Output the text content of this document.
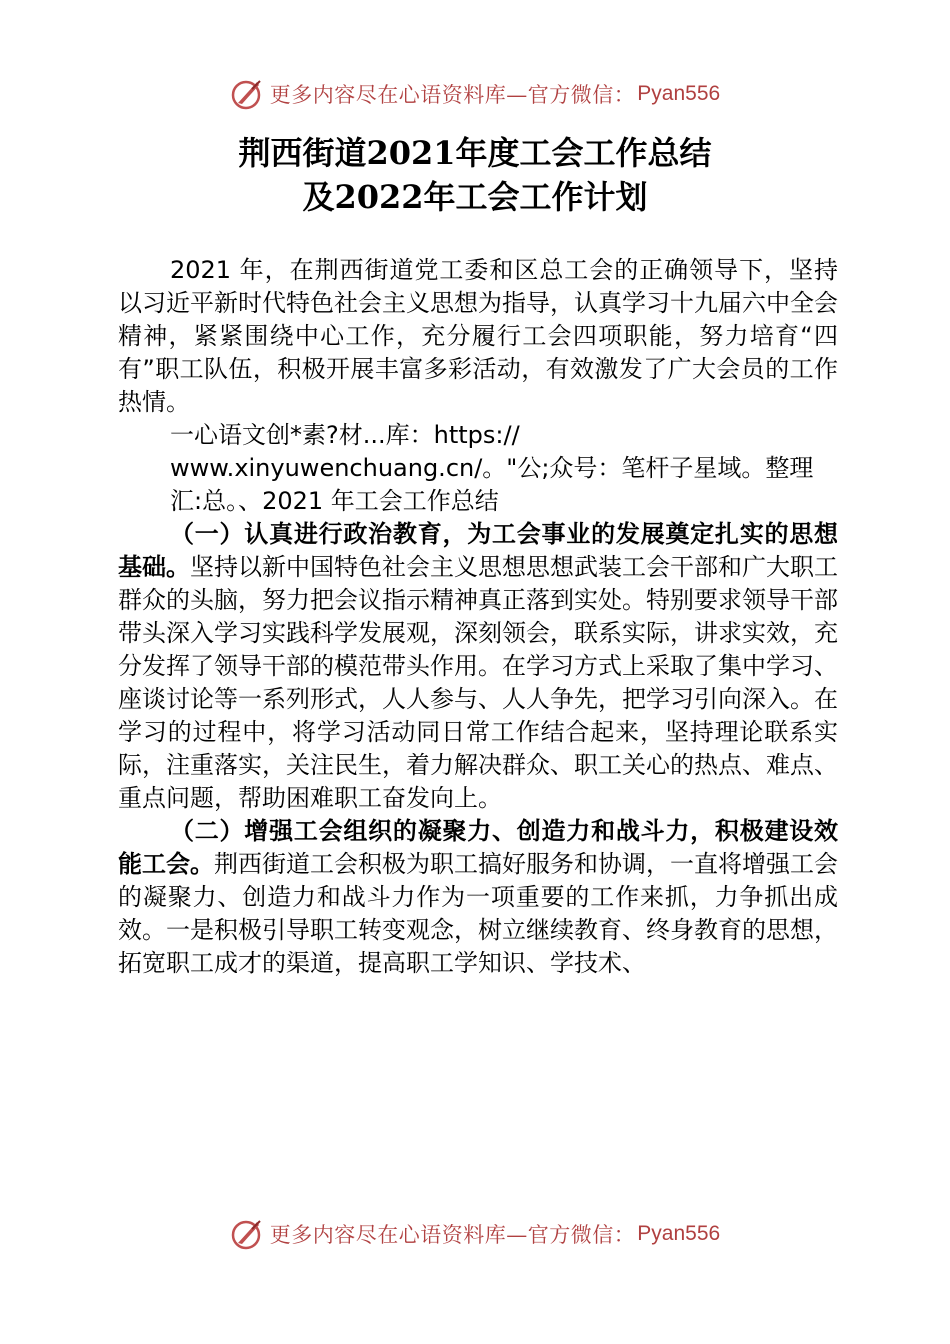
更多内容尽在心语资料库—官方微信： Pyan556
荆西街道2021年度工会工作总结
及2022年工会工作计划

2021 年，在荆西街道党工委和区总工会的正确领导下，坚持以习近平新时代特色社会主义思想为指导，认真学习十九届六中全会精神，紧紧围绕中心工作，充分履行工会四项职能，努力培育“四有”职工队伍，积极开展丰富多彩活动，有效激发了广大会员的工作热情。

一心语文创*素?材...库：https://

www.xinyuwenchuang.cn/。"公;众号：笔杆子星域。整理

汇:总。、2021 年工会工作总结

（一）认真进行政治教育，为工会事业的发展奠定扎实的思想基础。坚持以新中国特色社会主义思想思想武装工会干部和广大职工群众的头脑，努力把会议指示精神真正落到实处。特别要求领导干部带头深入学习实践科学发展观，深刻领会，联系实际，讲求实效，充分发挥了领导干部的模范带头作用。在学习方式上采取了集中学习、座谈讨论等一系列形式，人人参与、人人争先，把学习引向深入。在学习的过程中，将学习活动同日常工作结合起来，坚持理论联系实际，注重落实，关注民生，着力解决群众、职工关心的热点、难点、重点问题，帮助困难职工奋发向上。

（二）增强工会组织的凝聚力、创造力和战斗力，积极建设效能工会。荆西街道工会积极为职工搞好服务和协调，一直将增强工会的凝聚力、创造力和战斗力作为一项重要的工作来抓，力争抓出成效。一是积极引导职工转变观念，树立继续教育、终身教育的思想，拓宽职工成才的渠道，提高职工学知识、学技术、

更多内容尽在心语资料库—官方微信： Pyan556
